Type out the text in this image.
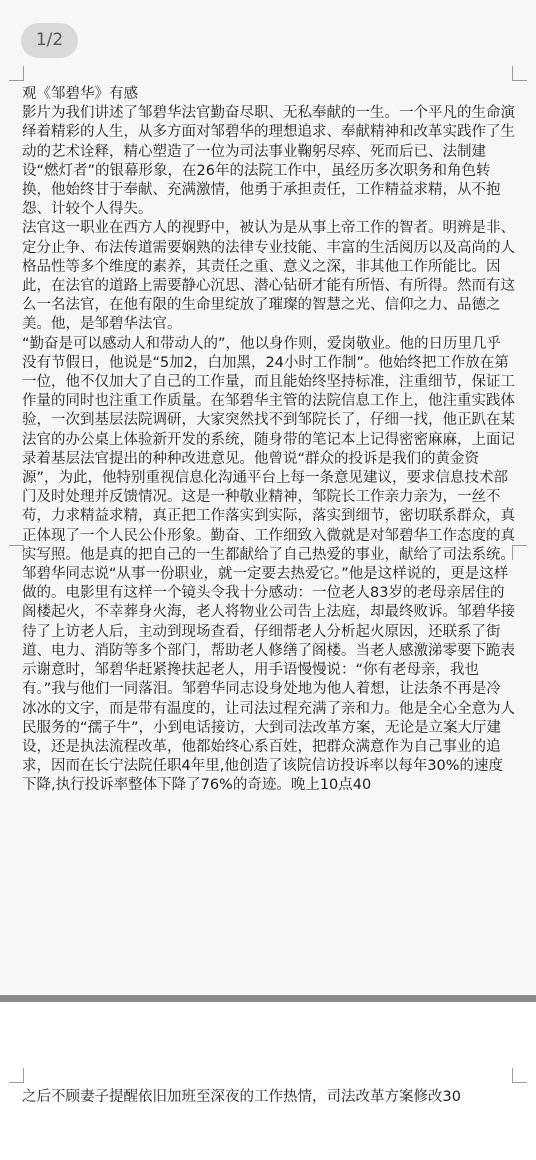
1/2

观《邹碧华》有感

影片为我们讲述了邹碧华法官勤奋尽职、无私奉献的一生。一个平凡的生命演绎着精彩的人生，从多方面对邹碧华的理想追求、奉献精神和改革实践作了生动的艺术诠释，精心塑造了一位为司法事业鞠躬尽瘁、死而后已、法制建设“燃灯者”的银幕形象，在26年的法院工作中，虽经历多次职务和角色转换，他始终甘于奉献、充满激情，他勇于承担责任，工作精益求精，从不抱怨、计较个人得失。

法官这一职业在西方人的视野中，被认为是从事上帝工作的智者。明辨是非、定分止争、布法传道需要娴熟的法律专业技能、丰富的生活阅历以及高尚的人格品性等多个维度的素养，其责任之重、意义之深，非其他工作所能比。因此，在法官的道路上需要静心沉思、潜心钻研才能有所悟、有所得。然而有这么一名法官，在他有限的生命里绽放了璀璨的智慧之光、信仰之力、品德之美。他，是邹碧华法官。

“勤奋是可以感动人和带动人的”，他以身作则，爱岗敬业。他的日历里几乎没有节假日，他说是“5加2，白加黑，24小时工作制”。他始终把工作放在第一位，他不仅加大了自己的工作量，而且能始终坚持标准，注重细节，保证工作量的同时也注重工作质量。在邹碧华主管的法院信息工作上，他注重实践体验，一次到基层法院调研，大家突然找不到邹院长了，仔细一找，他正趴在某法官的办公桌上体验新开发的系统，随身带的笔记本上记得密密麻麻，上面记录着基层法官提出的种种改进意见。他曾说“群众的投诉是我们的黄金资源”，为此，他特别重视信息化沟通平台上每一条意见建议，要求信息技术部门及时处理并反馈情况。这是一种敬业精神，邹院长工作亲力亲为，一丝不苟，力求精益求精，真正把工作落实到实际，落实到细节，密切联系群众，真正体现了一个人民公仆形象。勤奋、工作细致入微就是对邹碧华工作态度的真实写照。他是真的把自己的一生都献给了自己热爱的事业，献给了司法系统。

邹碧华同志说“从事一份职业，就一定要去热爱它。”他是这样说的，更是这样做的。电影里有这样一个镜头令我十分感动：一位老人83岁的老母亲居住的阁楼起火，不幸葬身火海，老人将物业公司告上法庭，却最终败诉。邹碧华接待了上访老人后，主动到现场查看，仔细帮老人分析起火原因，还联系了街道、电力、消防等多个部门，帮助老人修缮了阁楼。当老人感激涕零要下跪表示谢意时，邹碧华赶紧搀扶起老人，用手语慢慢说：“你有老母亲，我也有。”我与他们一同落泪。邹碧华同志设身处地为他人着想，让法条不再是冷冰冰的文字，而是带有温度的，让司法过程充满了亲和力。他是全心全意为人民服务的“孺子牛”，小到电话接访，大到司法改革方案，无论是立案大厅建设，还是执法流程改革，他都始终心系百姓，把群众满意作为自己事业的追求，因而在长宁法院任职4年里,他创造了该院信访投诉率以每年30%的速度下降,执行投诉率整体下降了76%的奇迹。晚上10点40

之后不顾妻子提醒依旧加班至深夜的工作热情，司法改革方案修改30
